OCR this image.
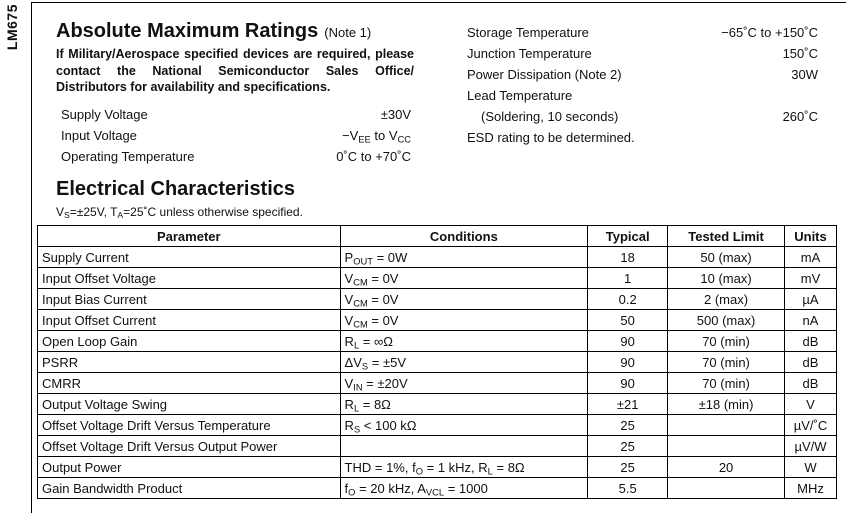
LM675 Absolute Maximum Ratings (Note 1)
If Military/Aerospace specified devices are required, please contact the National Semiconductor Sales Office/ Distributors for availability and specifications.
Supply Voltage	±30V
Input Voltage	$-V_{EE}$ to $V_{CC}$
Operating Temperature	0˚C to +70˚C
Storage Temperature	−65˚C to +150˚C
Junction Temperature	150˚C
Power Dissipation (Note 2)	30W
Lead Temperature
(Soldering, 10 seconds)	260˚C
ESD rating to be determined.
Electrical Characteristics
$V_S=\pm 25V$, $T_A=25˚C$ unless otherwise specified.
Parameter	Conditions	Typical	Tested Limit	Units
Supply Current	$P_{OUT} = 0W$	18	50 (max)	mA
Input Offset Voltage	$V_{CM} = 0V$	1	10 (max)	mV
Input Bias Current	$V_{CM} = 0V$	0.2	2 (max)	µA
Input Offset Current	$V_{CM} = 0V$	50	500 (max)	nA
Open Loop Gain	$R_L = \infty\Omega$	90	70 (min)	dB
PSRR	$\Delta V_S = \pm 5V$	90	70 (min)	dB
CMRR	$V_{IN} = \pm 20V$	90	70 (min)	dB
Output Voltage Swing	$R_L = 8\Omega$	±21	±18 (min)	V
Offset Voltage Drift Versus Temperature	$R_S < 100$ kΩ	25		µV/˚C
Offset Voltage Drift Versus Output Power		25		µV/W
Output Power	THD = 1%, $f_O = 1$ kHz, $R_L = 8\Omega$	25	20	W
Gain Bandwidth Product	$f_O = 20$ kHz, $A_{VCL} = 1000$	5.5		MHz
